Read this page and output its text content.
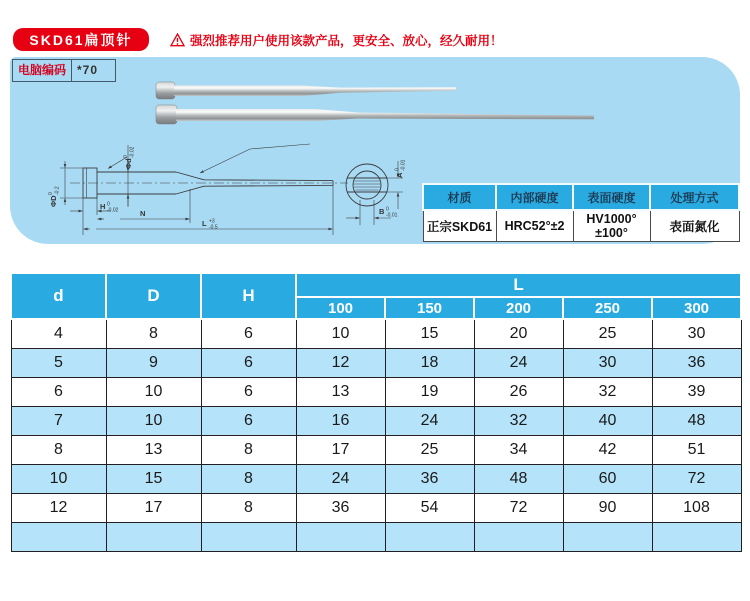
SKD61扁顶针	强烈推荐用户使用该款产品，更安全、放心，经久耐用！
电脑编码 *70
Φd
0 -0.02
ΦD
0 -0.2
H 0
-0.02	N
L +3
-0.5
A
0 -0.01
B 0
-0.01
材质	内部硬度	表面硬度	处理方式
正宗SKD61	HRC52°±2	HV1000°±100°	表面氮化
d	D	H	L				
			100	150	200	250	300
4	8	6	10	15	20	25	30
5	9	6	12	18	24	30	36
6	10	6	13	19	26	32	39
7	10	6	16	24	32	40	48
8	13	8	17	25	34	42	51
10	15	8	24	36	48	60	72
12	17	8	36	54	72	90	108
